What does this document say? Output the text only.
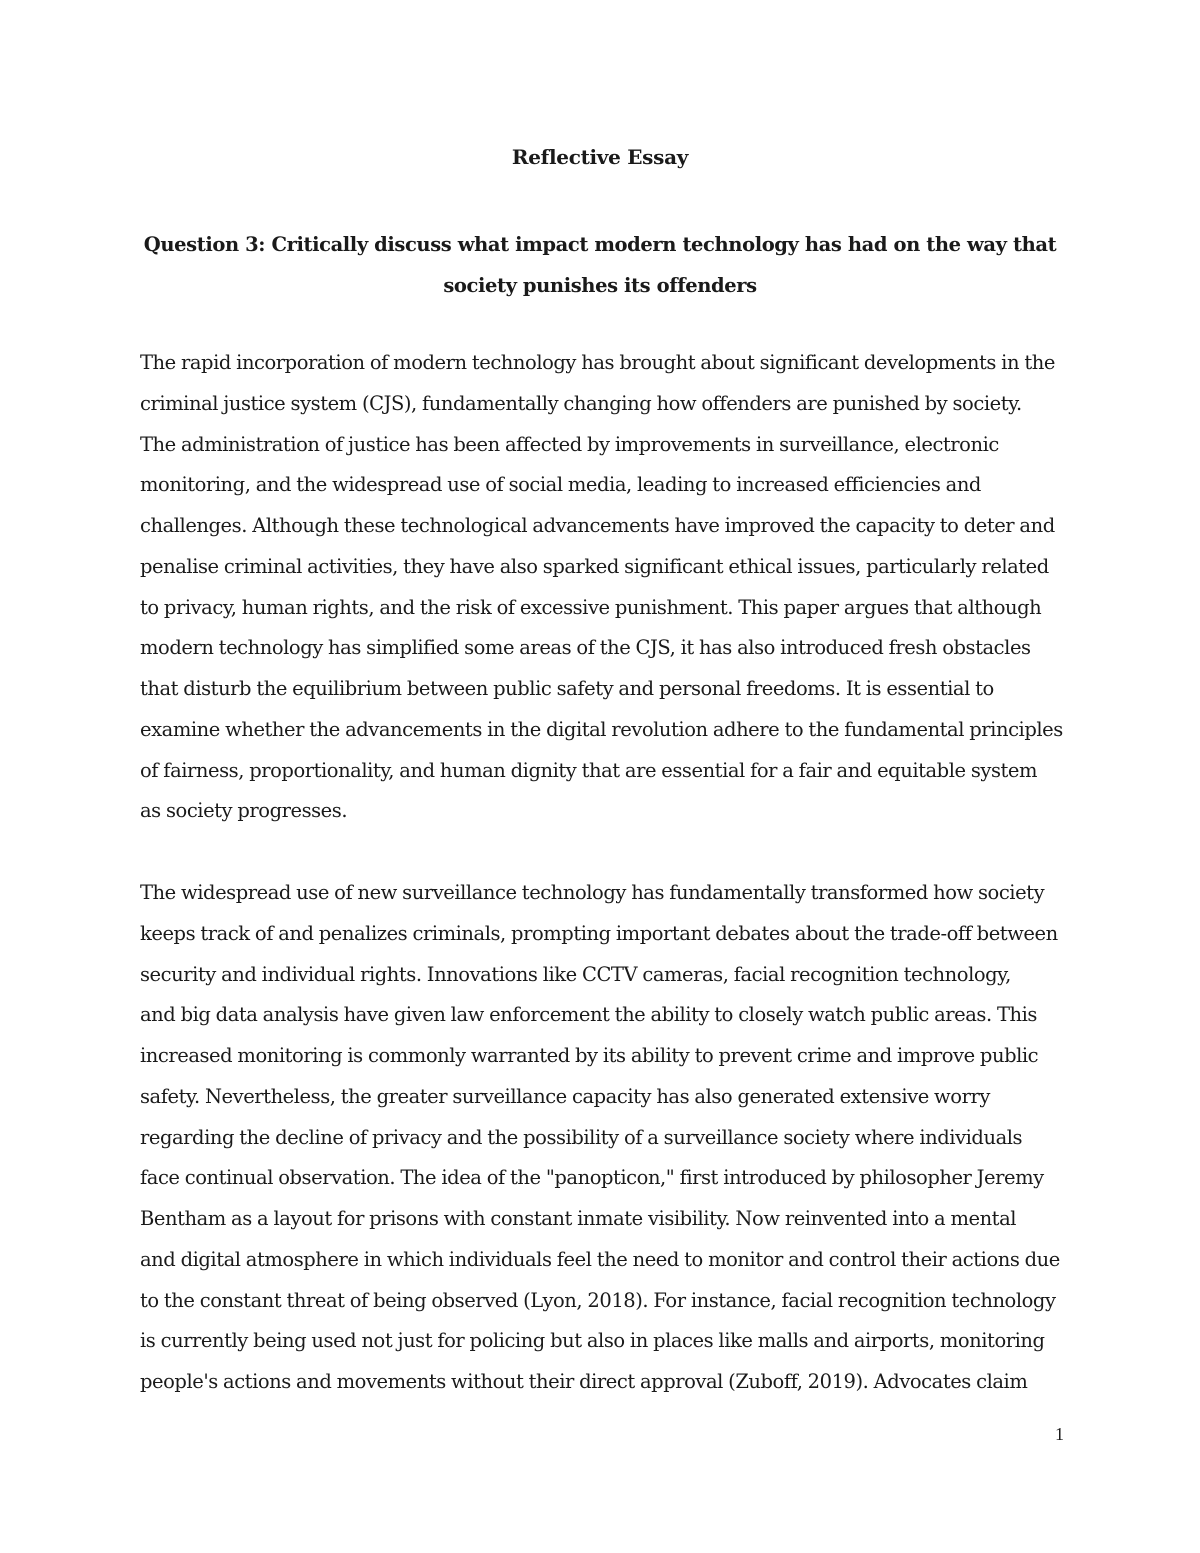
Reflective Essay
Question 3: Critically discuss what impact modern technology has had on the way that society punishes its offenders

The rapid incorporation of modern technology has brought about significant developments in the
criminal justice system (CJS), fundamentally changing how offenders are punished by society.
The administration of justice has been affected by improvements in surveillance, electronic
monitoring, and the widespread use of social media, leading to increased efficiencies and
challenges. Although these technological advancements have improved the capacity to deter and
penalise criminal activities, they have also sparked significant ethical issues, particularly related
to privacy, human rights, and the risk of excessive punishment. This paper argues that although
modern technology has simplified some areas of the CJS, it has also introduced fresh obstacles
that disturb the equilibrium between public safety and personal freedoms. It is essential to
examine whether the advancements in the digital revolution adhere to the fundamental principles
of fairness, proportionality, and human dignity that are essential for a fair and equitable system
as society progresses.

The widespread use of new surveillance technology has fundamentally transformed how society
keeps track of and penalizes criminals, prompting important debates about the trade-off between
security and individual rights. Innovations like CCTV cameras, facial recognition technology,
and big data analysis have given law enforcement the ability to closely watch public areas. This
increased monitoring is commonly warranted by its ability to prevent crime and improve public
safety. Nevertheless, the greater surveillance capacity has also generated extensive worry
regarding the decline of privacy and the possibility of a surveillance society where individuals
face continual observation. The idea of the "panopticon," first introduced by philosopher Jeremy
Bentham as a layout for prisons with constant inmate visibility. Now reinvented into a mental
and digital atmosphere in which individuals feel the need to monitor and control their actions due
to the constant threat of being observed (Lyon, 2018). For instance, facial recognition technology
is currently being used not just for policing but also in places like malls and airports, monitoring
people's actions and movements without their direct approval (Zuboff, 2019). Advocates claim

1
